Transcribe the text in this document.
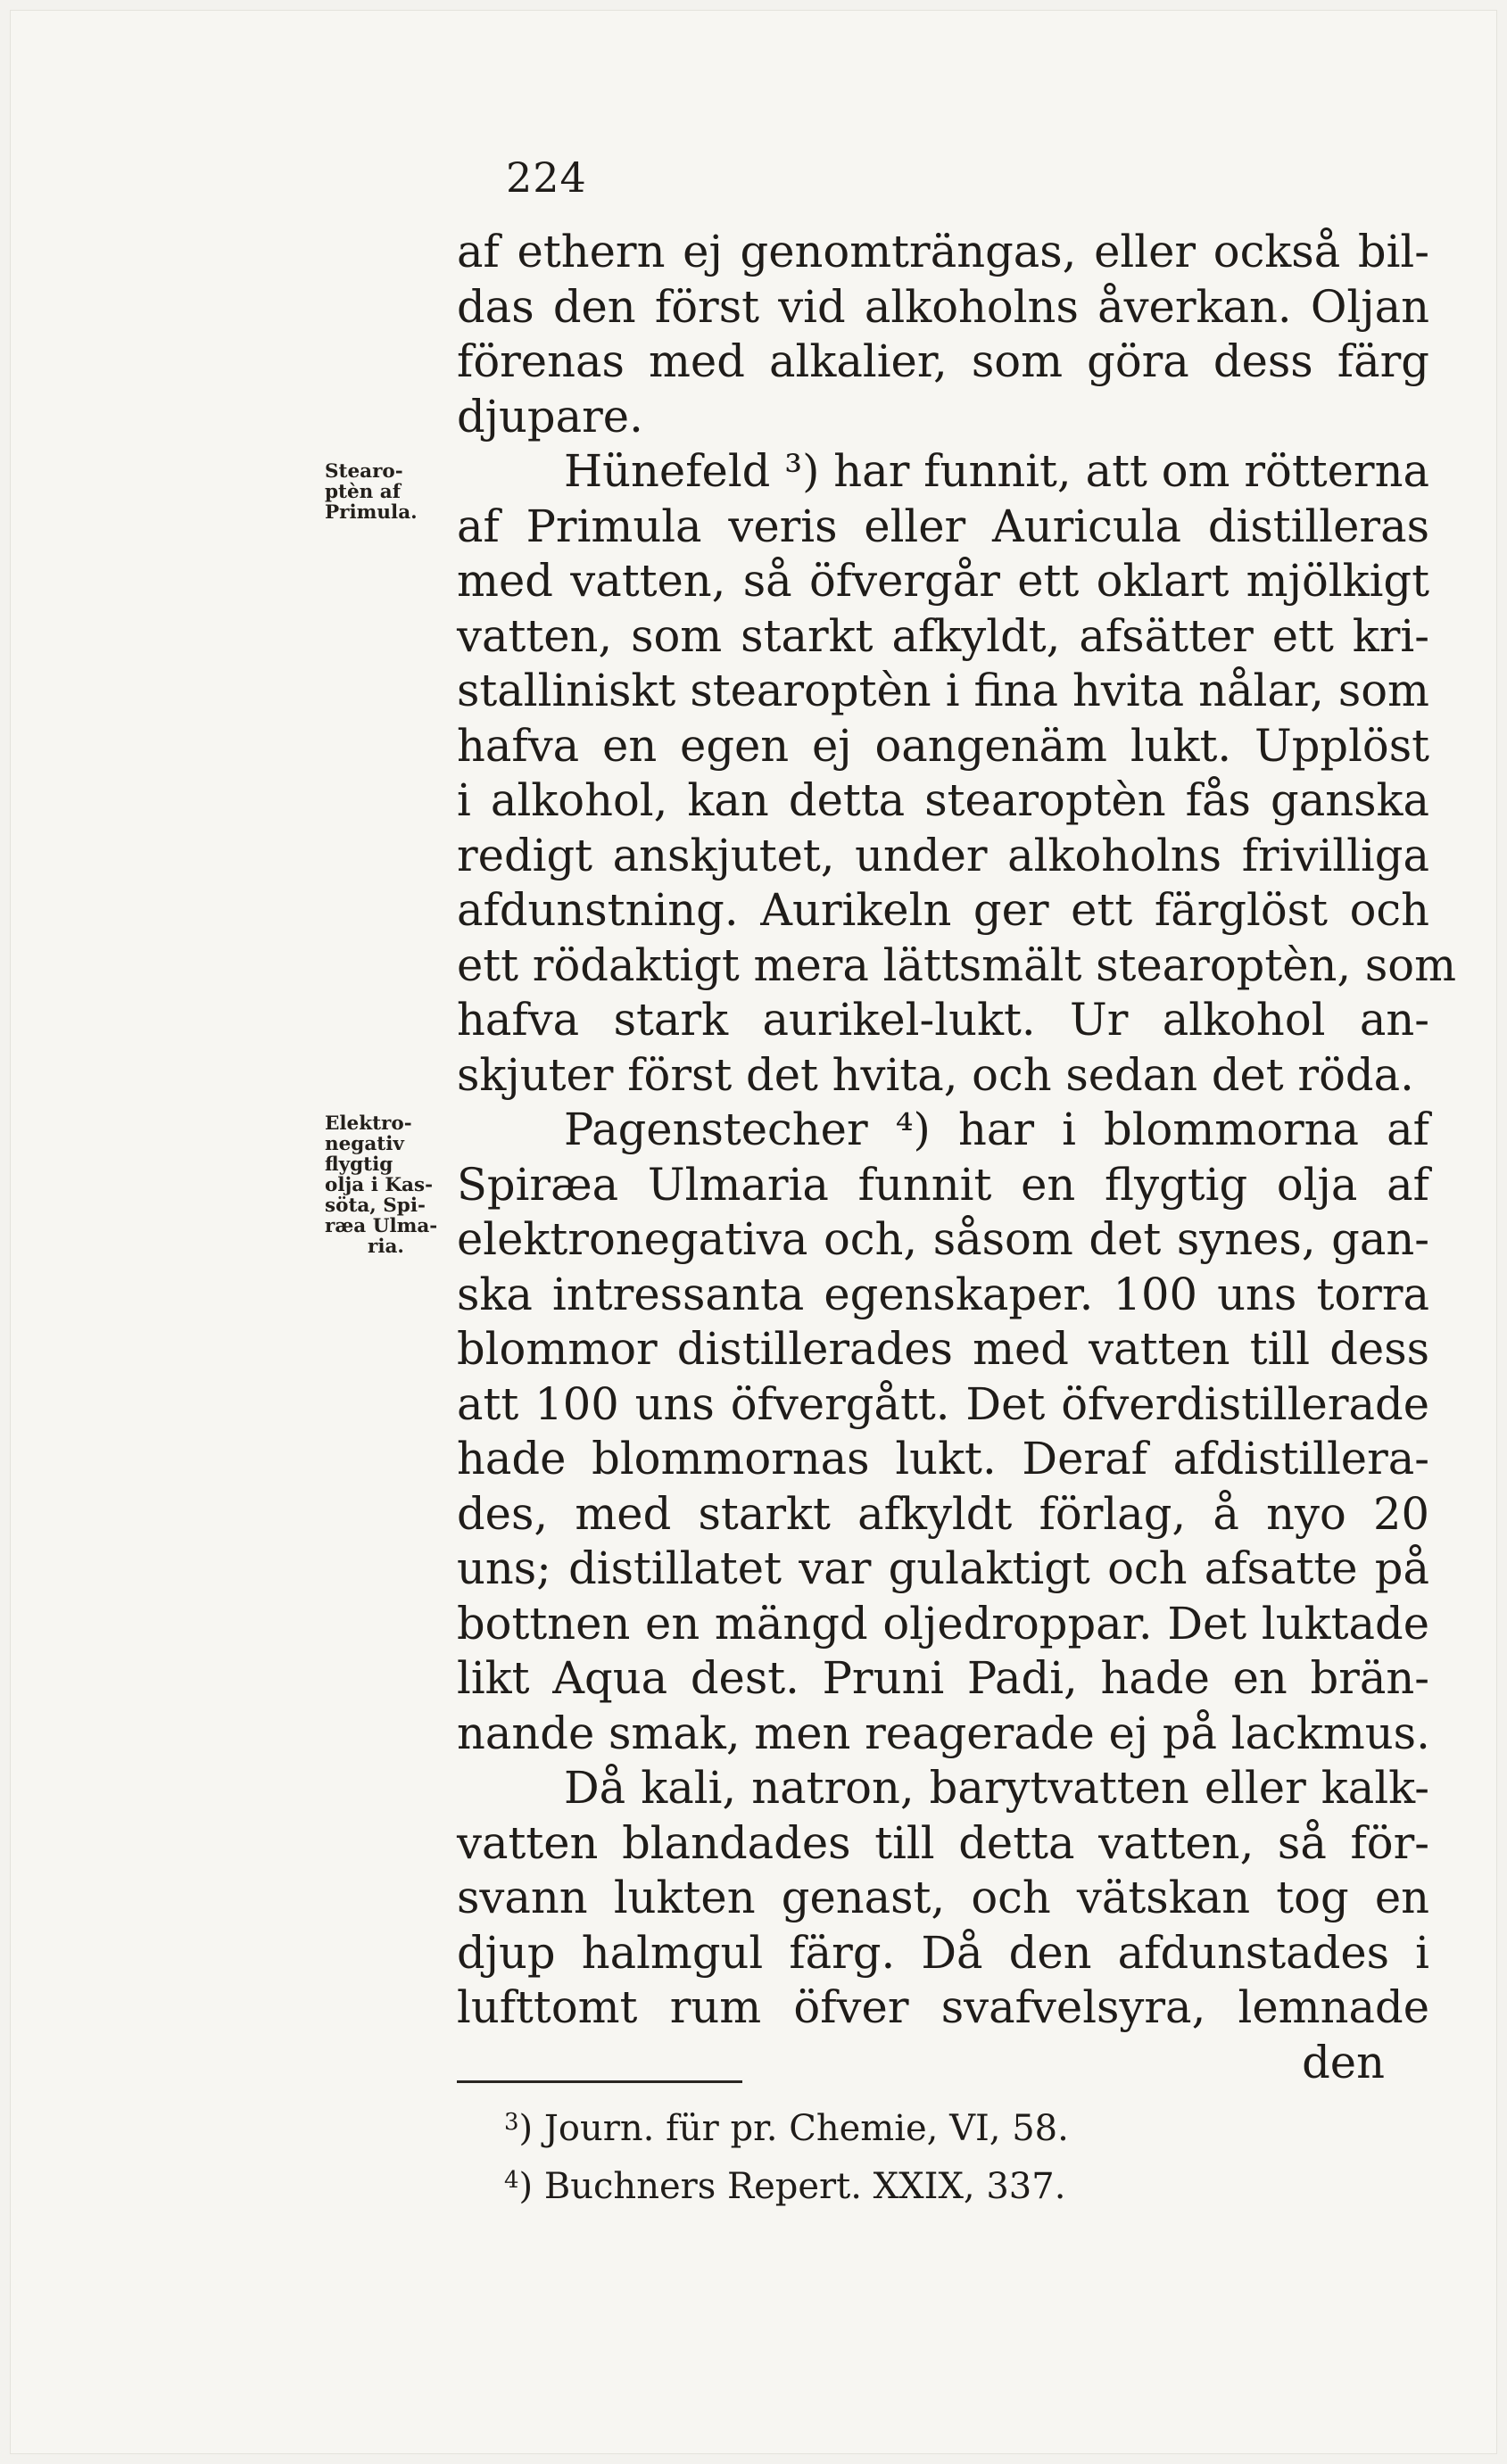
224
Stearo-
ptèn af
Primula.
Elektro-
negativ
flygtig
olja i Kas-
söta, Spi-
ræa Ulma-
ria.
af ethern ej genomträngas, eller också bil-
das den först vid alkoholns åverkan. Oljan
förenas med alkalier, som göra dess färg
djupare.
Hünefeld ³) har funnit, att om rötterna
af Primula veris eller Auricula distilleras
med vatten, så öfvergår ett oklart mjölkigt
vatten, som starkt afkyldt, afsätter ett kri-
stalliniskt stearoptèn i fina hvita nålar, som
hafva en egen ej oangenäm lukt. Upplöst
i alkohol, kan detta stearoptèn fås ganska
redigt anskjutet, under alkoholns frivilliga
afdunstning. Aurikeln ger ett färglöst och
ett rödaktigt mera lättsmält stearoptèn, som
hafva stark aurikel-lukt. Ur alkohol an-
skjuter först det hvita, och sedan det röda.
Pagenstecher ⁴) har i blommorna af
Spiræa Ulmaria funnit en flygtig olja af
elektronegativa och, såsom det synes, gan-
ska intressanta egenskaper. 100 uns torra
blommor distillerades med vatten till dess
att 100 uns öfvergått. Det öfverdistillerade
hade blommornas lukt. Deraf afdistillera-
des, med starkt afkyldt förlag, å nyo 20
uns; distillatet var gulaktigt och afsatte på
bottnen en mängd oljedroppar. Det luktade
likt Aqua dest. Pruni Padi, hade en brän-
nande smak, men reagerade ej på lackmus.
Då kali, natron, barytvatten eller kalk-
vatten blandades till detta vatten, så för-
svann lukten genast, och vätskan tog en
djup halmgul färg. Då den afdunstades i
lufttomt rum öfver svafvelsyra, lemnade
den
$^3$) Journ. für pr. Chemie, VI, 58.
$^4$) Buchners Repert. XXIX, 337.
